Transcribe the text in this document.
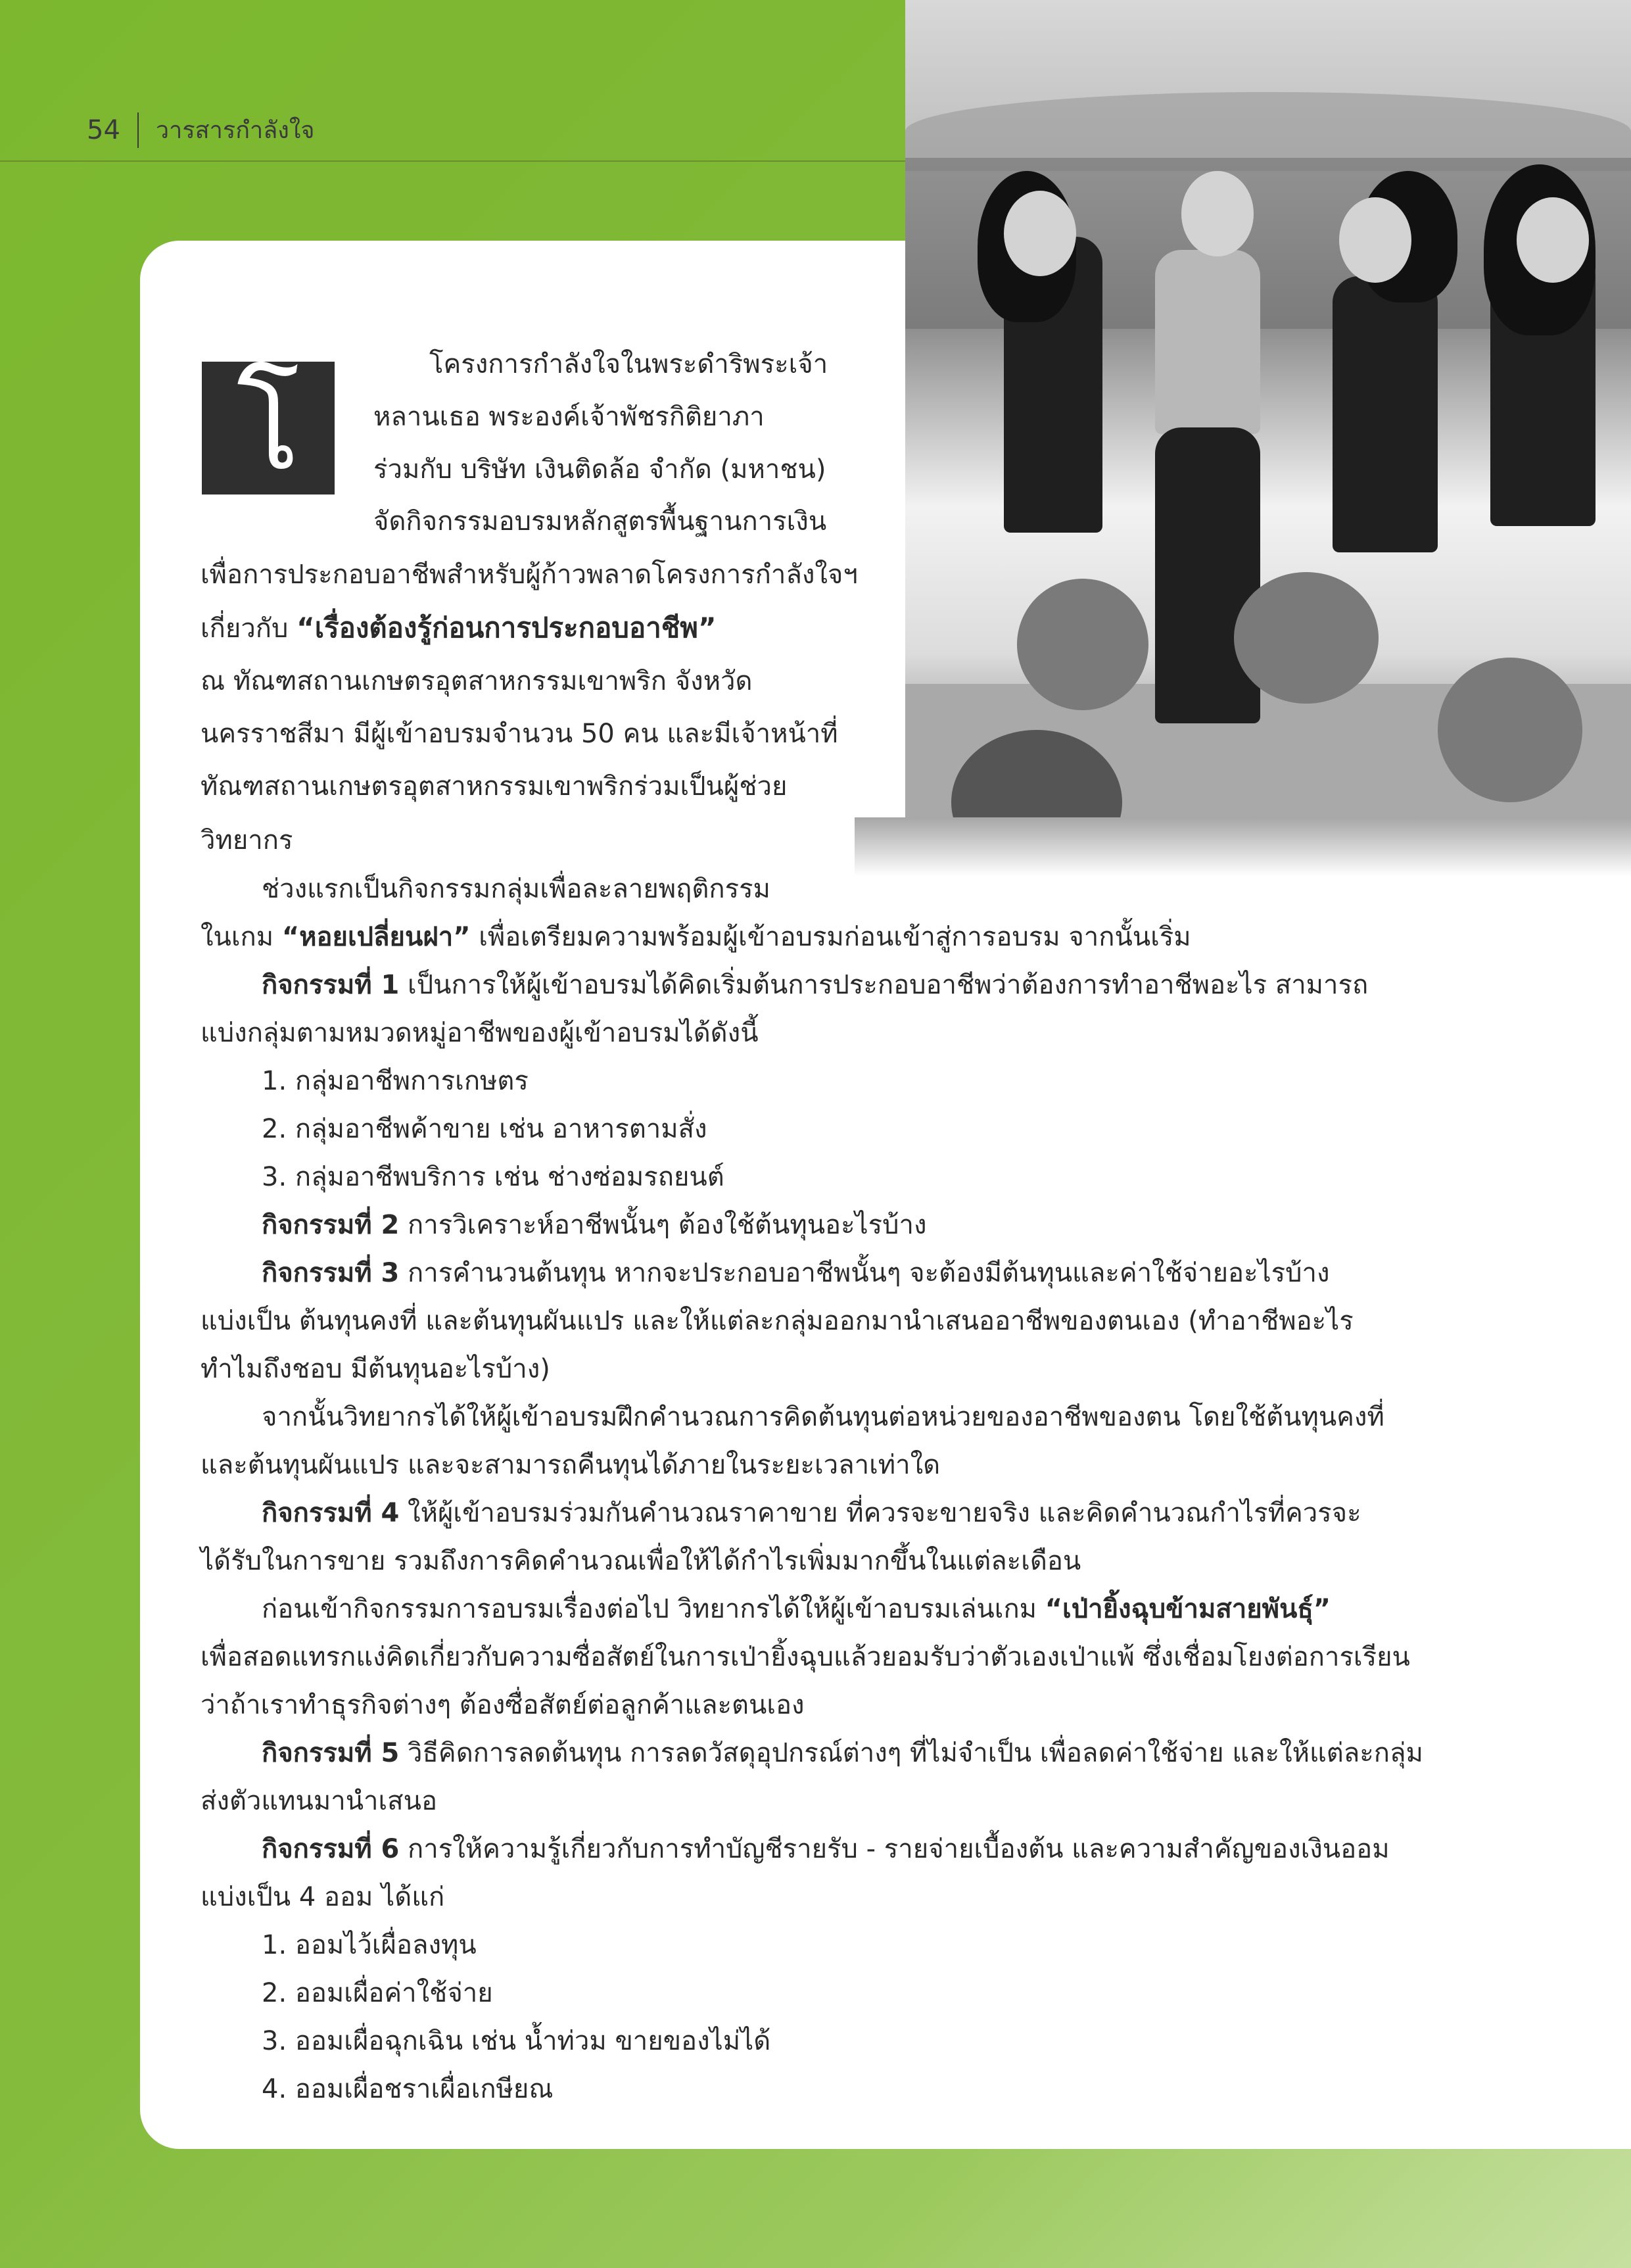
54 วารสารกำลังใจ
โ	โครงการกำลังใจในพระดำริพระเจ้า
หลานเธอ พระองค์เจ้าพัชรกิติยาภา
ร่วมกับ บริษัท เงินติดล้อ จำกัด (มหาชน)
จัดกิจกรรมอบรมหลักสูตรพื้นฐานการเงิน
เพื่อการประกอบอาชีพสำหรับผู้ก้าวพลาดโครงการกำลังใจฯ
เกี่ยวกับ “เรื่องต้องรู้ก่อนการประกอบอาชีพ”
ณ ทัณฑสถานเกษตรอุตสาหกรรมเขาพริก จังหวัด
นครราชสีมา มีผู้เข้าอบรมจำนวน 50 คน และมีเจ้าหน้าที่
ทัณฑสถานเกษตรอุตสาหกรรมเขาพริกร่วมเป็นผู้ช่วย
วิทยากร
ช่วงแรกเป็นกิจกรรมกลุ่มเพื่อละลายพฤติกรรม
ในเกม “หอยเปลี่ยนฝา” เพื่อเตรียมความพร้อมผู้เข้าอบรมก่อนเข้าสู่การอบรม จากนั้นเริ่ม
กิจกรรมที่ 1 เป็นการให้ผู้เข้าอบรมได้คิดเริ่มต้นการประกอบอาชีพว่าต้องการทำอาชีพอะไร สามารถ
แบ่งกลุ่มตามหมวดหมู่อาชีพของผู้เข้าอบรมได้ดังนี้
1. กลุ่มอาชีพการเกษตร
2. กลุ่มอาชีพค้าขาย เช่น อาหารตามสั่ง
3. กลุ่มอาชีพบริการ เช่น ช่างซ่อมรถยนต์
กิจกรรมที่ 2 การวิเคราะห์อาชีพนั้นๆ ต้องใช้ต้นทุนอะไรบ้าง
กิจกรรมที่ 3 การคำนวนต้นทุน หากจะประกอบอาชีพนั้นๆ จะต้องมีต้นทุนและค่าใช้จ่ายอะไรบ้าง
แบ่งเป็น ต้นทุนคงที่ และต้นทุนผันแปร และให้แต่ละกลุ่มออกมานำเสนออาชีพของตนเอง (ทำอาชีพอะไร
ทำไมถึงชอบ มีต้นทุนอะไรบ้าง)
จากนั้นวิทยากรได้ให้ผู้เข้าอบรมฝึกคำนวณการคิดต้นทุนต่อหน่วยของอาชีพของตน โดยใช้ต้นทุนคงที่
และต้นทุนผันแปร และจะสามารถคืนทุนได้ภายในระยะเวลาเท่าใด
กิจกรรมที่ 4 ให้ผู้เข้าอบรมร่วมกันคำนวณราคาขาย ที่ควรจะขายจริง และคิดคำนวณกำไรที่ควรจะ
ได้รับในการขาย รวมถึงการคิดคำนวณเพื่อให้ได้กำไรเพิ่มมากขึ้นในแต่ละเดือน
ก่อนเข้ากิจกรรมการอบรมเรื่องต่อไป วิทยากรได้ให้ผู้เข้าอบรมเล่นเกม “เป่ายิ้งฉุบข้ามสายพันธุ์”
เพื่อสอดแทรกแง่คิดเกี่ยวกับความซื่อสัตย์ในการเป่ายิ้งฉุบแล้วยอมรับว่าตัวเองเป่าแพ้ ซึ่งเชื่อมโยงต่อการเรียน
ว่าถ้าเราทำธุรกิจต่างๆ ต้องซื่อสัตย์ต่อลูกค้าและตนเอง
กิจกรรมที่ 5 วิธีคิดการลดต้นทุน การลดวัสดุอุปกรณ์ต่างๆ ที่ไม่จำเป็น เพื่อลดค่าใช้จ่าย และให้แต่ละกลุ่ม
ส่งตัวแทนมานำเสนอ
กิจกรรมที่ 6 การให้ความรู้เกี่ยวกับการทำบัญชีรายรับ - รายจ่ายเบื้องต้น และความสำคัญของเงินออม
แบ่งเป็น 4 ออม ได้แก่
1. ออมไว้เผื่อลงทุน
2. ออมเผื่อค่าใช้จ่าย
3. ออมเผื่อฉุกเฉิน เช่น น้ำท่วม ขายของไม่ได้
4. ออมเผื่อชราเผื่อเกษียณ
